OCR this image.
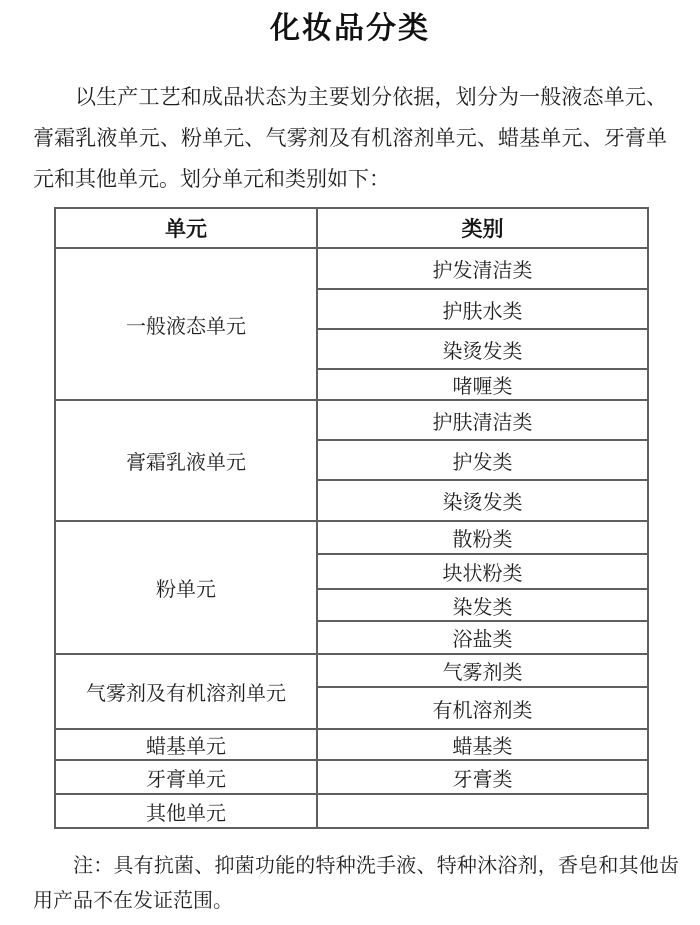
化妆品分类

以生产工艺和成品状态为主要划分依据，划分为一般液态单元、膏霜乳液单元、粉单元、气雾剂及有机溶剂单元、蜡基单元、牙膏单元和其他单元。划分单元和类别如下：

单元	类别
一般液态单元	护发清洁类
	护肤水类
	染烫发类
	啫喱类
膏霜乳液单元	护肤清洁类
	护发类
	染烫发类
粉单元	散粉类
	块状粉类
	染发类
	浴盐类
气雾剂及有机溶剂单元	气雾剂类
	有机溶剂类
蜡基单元	蜡基类
牙膏单元	牙膏类
其他单元	

注：具有抗菌、抑菌功能的特种洗手液、特种沐浴剂，香皂和其他齿用产品不在发证范围。
